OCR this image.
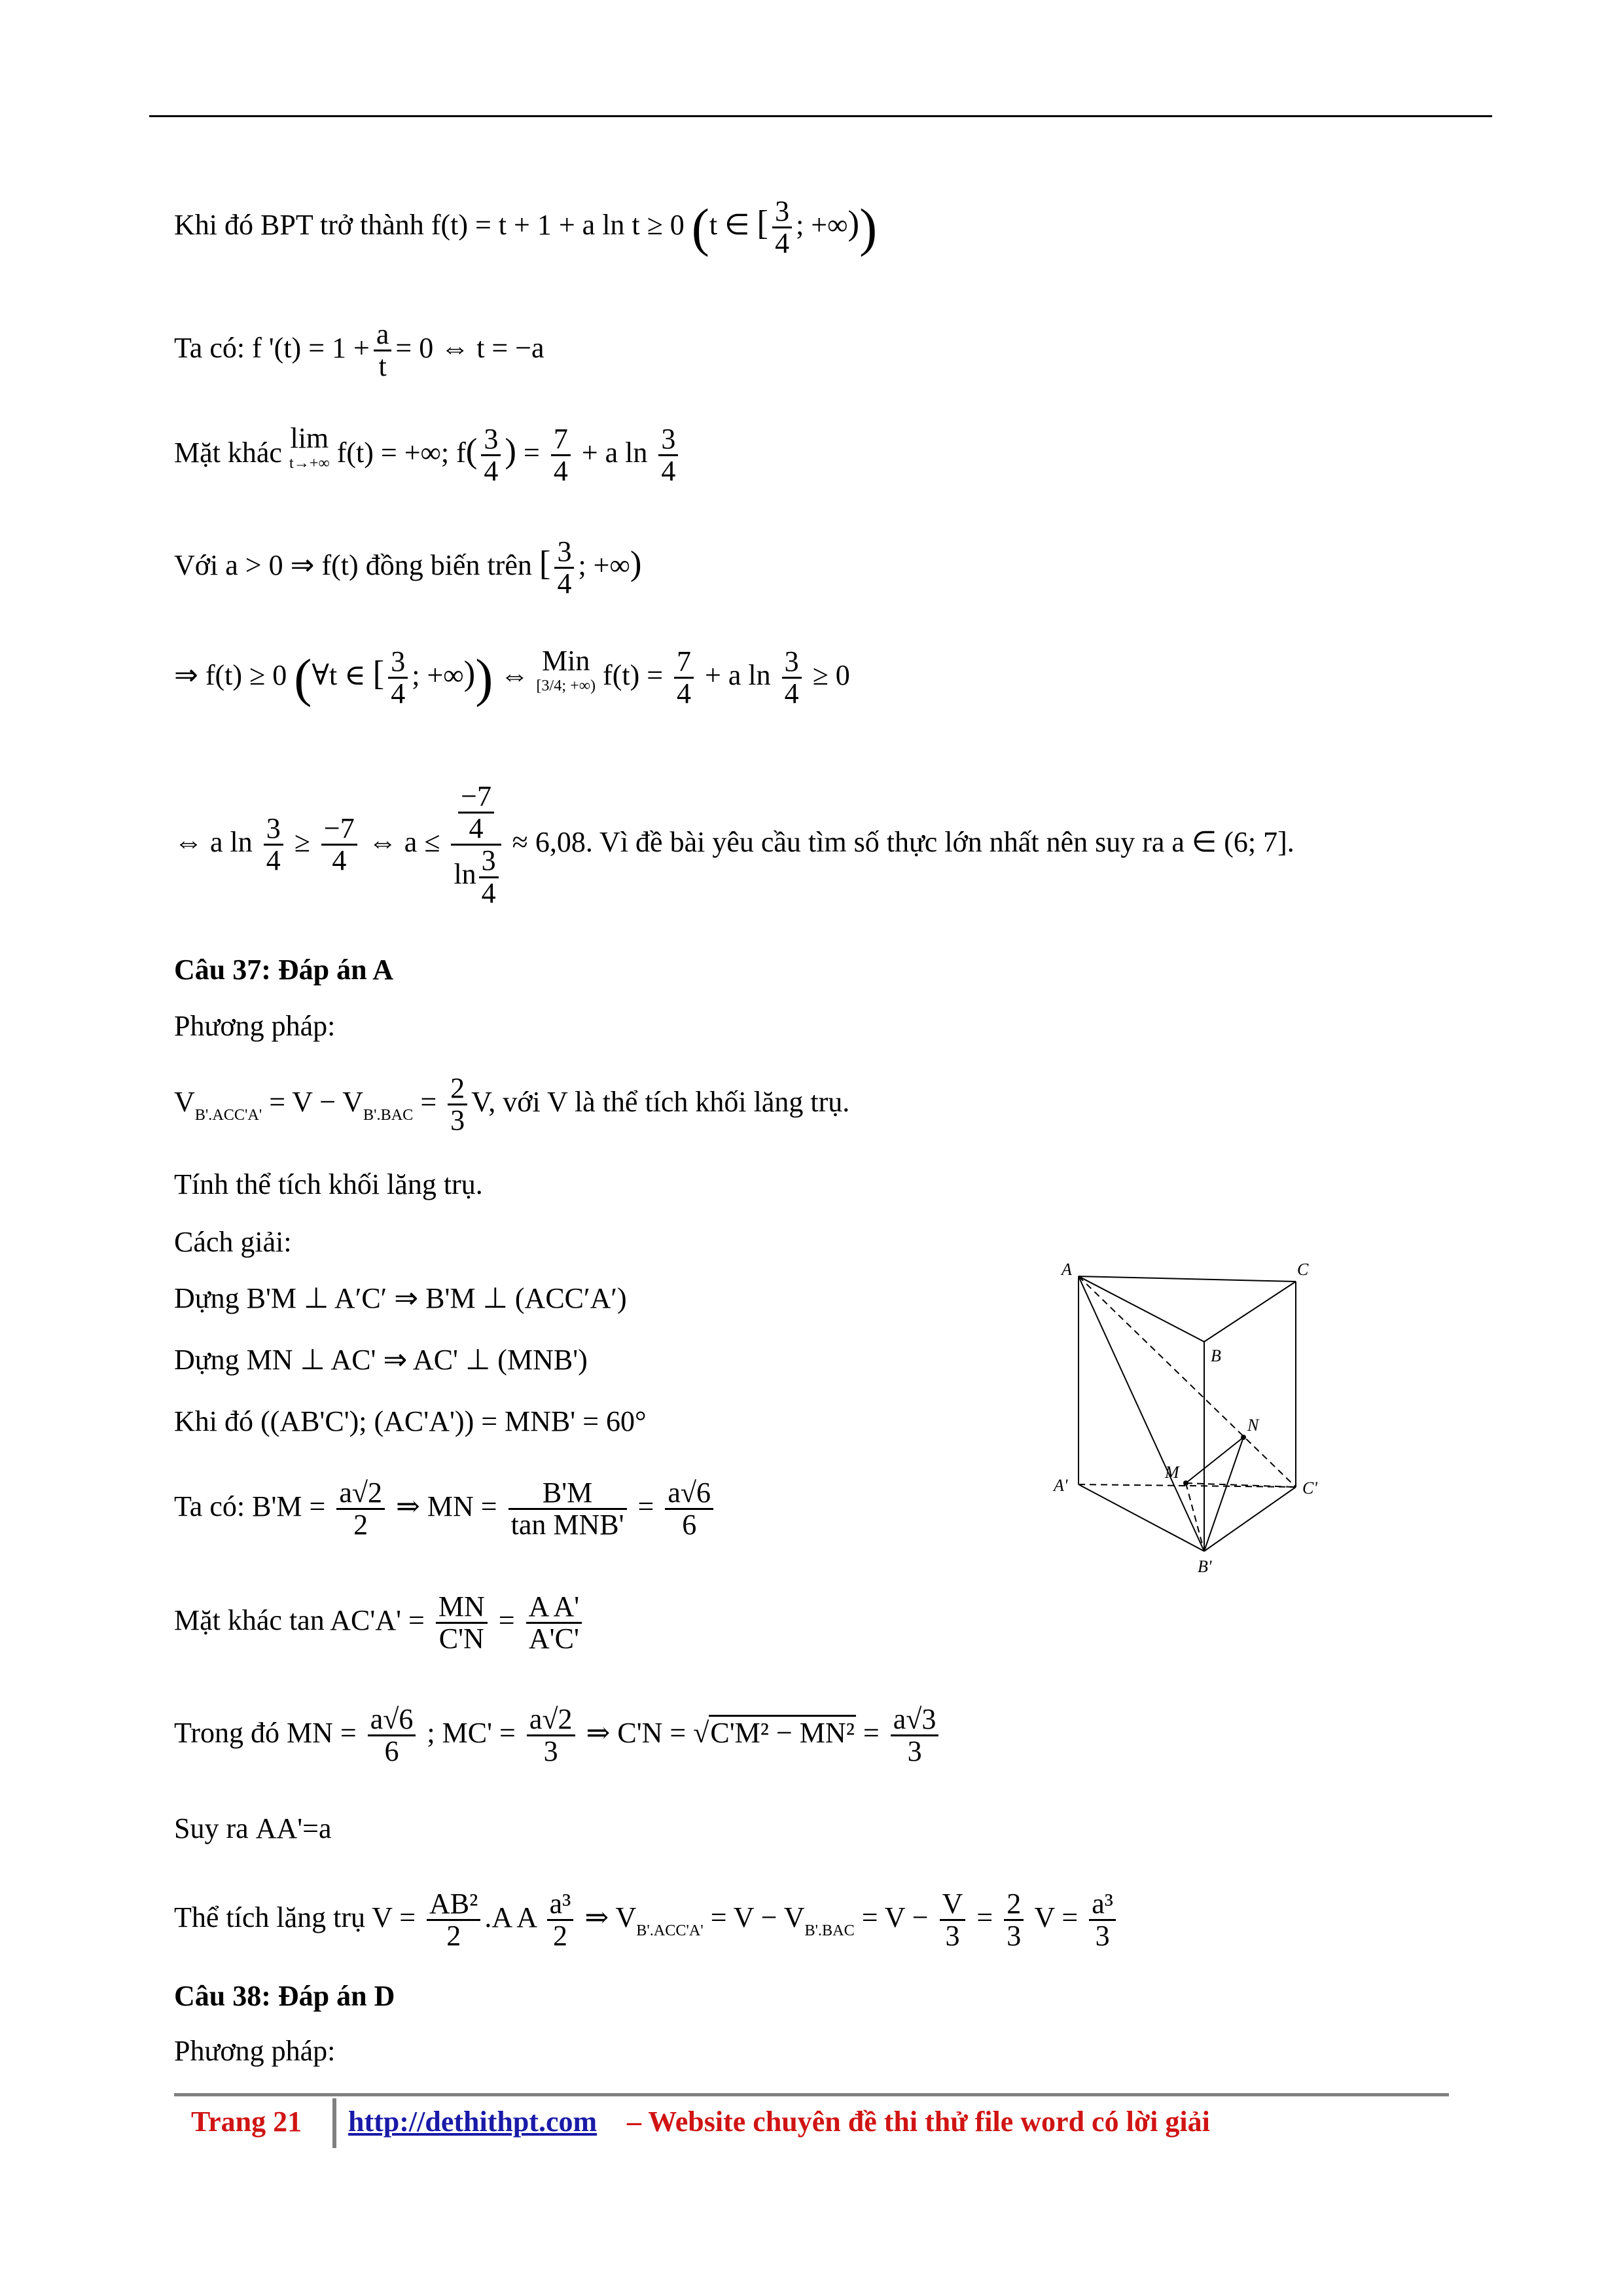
Khi đó BPT trở thành f(t) = t + 1 + a ln t ≥ 0 (t ∈ [ $\frac{3}{4}$ ; +∞))
Ta có: f '$(t) = 1 + \frac{a}{t} = 0$ ⇔ t = −a
Mặt khác lim
t→+∞ f(t) = +∞; $f( \frac{3}{4}$ ) = $\frac{7}{4} + a$ $\ln \frac{3}{4}$
Với a > 0 ⇒ f(t) đồng biến trên [ $\frac{3}{4}$ ; +∞)
⇒ f(t) ≥ 0 (∀t ∈ [ $\frac{3}{4}$ ; +∞)) ⇔ Min
[3/4; +∞) $f(t) = \frac{7}{4} + a$ $\ln \frac{3}{4} \ge 0$
⇔ a $\ln \frac{3}{4} \ge \frac{-7}{4}$ ⇔ $a \le \frac{\frac{-7}{4}}{\ln \frac{3}{4}} \approx 6,08$. Vì đề bài yêu cầu tìm số thực lớn nhất nên suy ra a ∈ (6; 7].
Câu 37: Đáp án A
Phương pháp:
$V_{B'.ACC'A'} = V - V_{B'.BAC} = \frac{2}{3} V$, với V là thể tích khối lăng trụ.
Tính thể tích khối lăng trụ.
Cách giải:
Dựng B'M ⊥ A′C′ ⇒ B'M ⊥ (ACC′A′)
Dựng MN ⊥ AC' ⇒ AC' ⊥ (MNB')
Khi đó ((AB'C'); (AC'A')) = MNB' = 60°
Ta có: $B'M = \frac{a√2}{2}$ ⇒ MN = $\frac{B'M}{\text{tan MNB'}} = \frac{a√6}{6}$
Mặt khác $\tan AC'A' = \frac{MN}{C'N} = \frac{\text{A A'}}{A'C'}$
Trong đó MN = $\frac{a√6}{6}$ ; $MC' = \frac{a√2}{3}$ ⇒ $C'N = √C'M^2 - MN^2 = \frac{a√3}{3}$
Suy ra AA'=a
Thể tích lăng trụ $V = \frac{\text{AB²}}{2} .A$ A $\frac{\text{a³}}{2}$ ⇒ $V_{B'.ACC'A'} = V - V_{B'.BAC} = V - \frac{V}{3} = \frac{2}{3}$ $V = \frac{\text{a³}}{3}$
Câu 38: Đáp án D
Phương pháp:
A	C
B
N
M
A'	C'
B'
Trang 21 http://dethithpt.com – Website chuyên đề thi thử file word có lời giải
